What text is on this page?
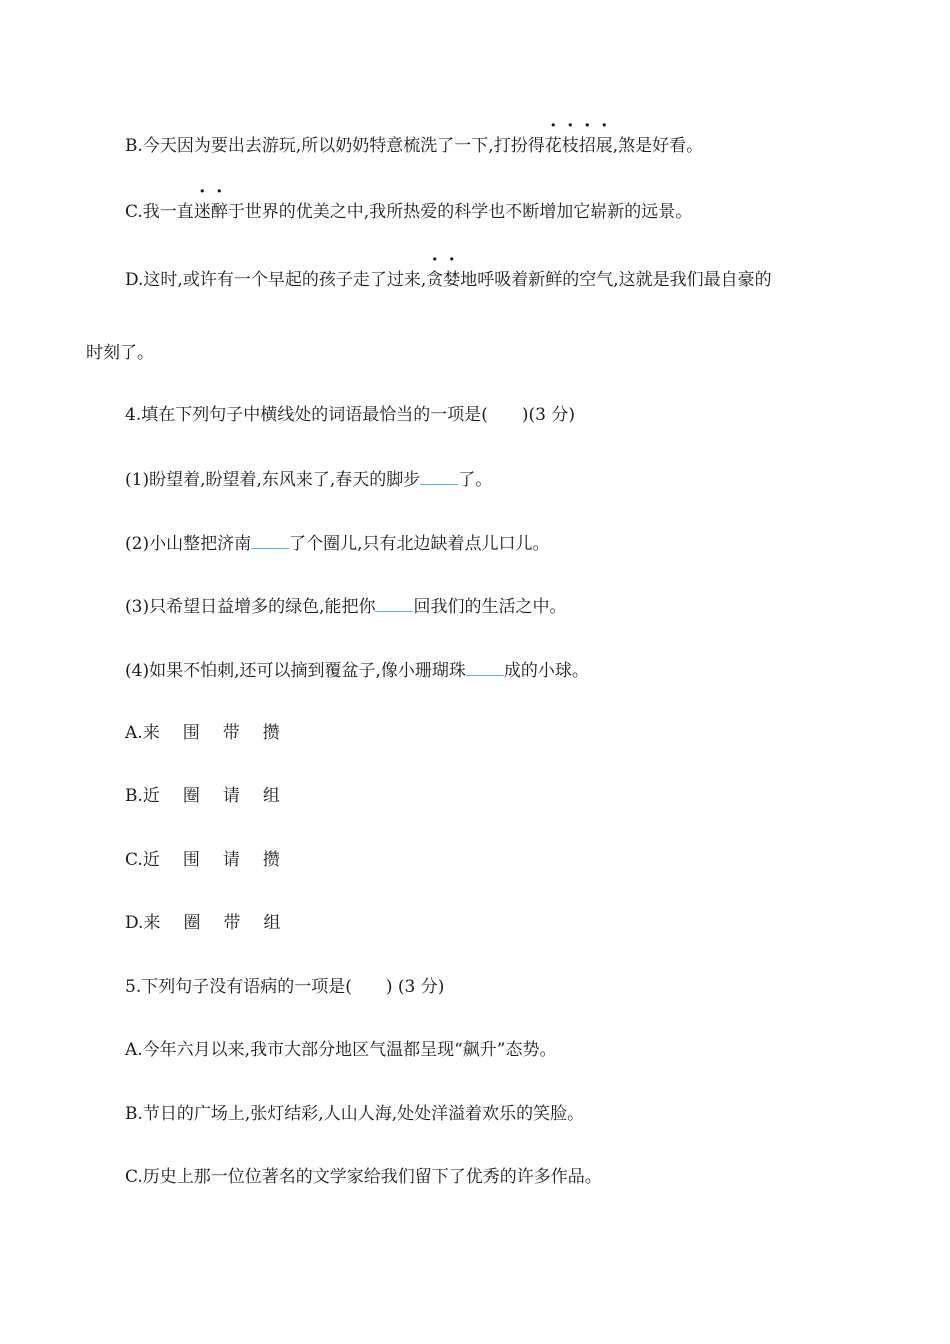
B.今天因为要出去游玩,所以奶奶特意梳洗了一下,打扮得花枝招展,煞是好看。
C.我一直迷醉于世界的优美之中,我所热爱的科学也不断增加它崭新的远景。
D.这时,或许有一个早起的孩子走了过来,贪婪地呼吸着新鲜的空气,这就是我们最自豪的
时刻了。
4.填在下列句子中横线处的词语最恰当的一项是(　　)(3 分)
(1)盼望着,盼望着,东风来了,春天的脚步 了。
(2)小山整把济南 了个圈儿,只有北边缺着点儿口儿。
(3)只希望日益增多的绿色,能把你 回我们的生活之中。
(4)如果不怕刺,还可以摘到覆盆子,像小珊瑚珠 成的小球。
A.来 围 带 攒
B.近 圈 请 组
C.近 围 请 攒
D.来 圈 带 组
5.下列句子没有语病的一项是(　　) (3 分)
A.今年六月以来,我市大部分地区气温都呈现“飙升”态势。
B.节日的广场上,张灯结彩,人山人海,处处洋溢着欢乐的笑脸。
C.历史上那一位位著名的文学家给我们留下了优秀的许多作品。
